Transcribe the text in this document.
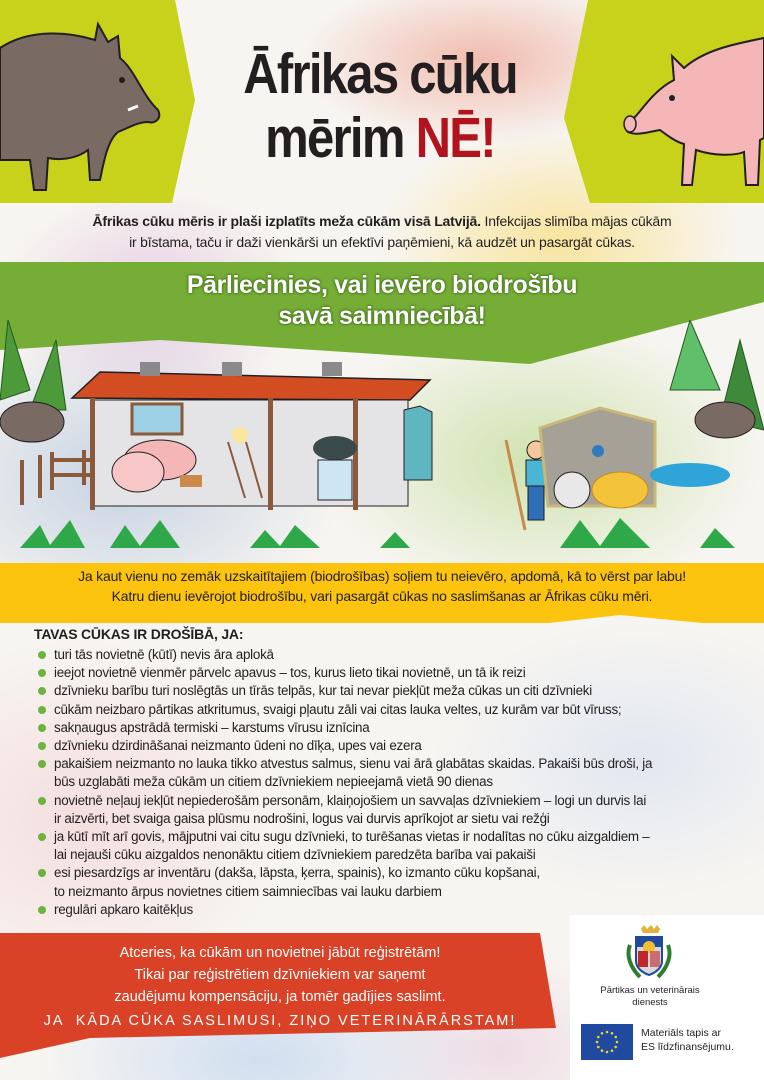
Āfrikas cūku
mērim NĒ!
Āfrikas cūku mēris ir plaši izplatīts meža cūkām visā Latvijā. Infekcijas slimība mājas cūkām
ir bīstama, taču ir daži vienkārši un efektīvi paņēmieni, kā audzēt un pasargāt cūkas.
Pārliecinies, vai ievēro biodrošību
savā saimniecībā!
Ja kaut vienu no zemāk uzskaitītajiem (biodrošības) soļiem tu neievēro, apdomā, kā to vērst par labu!
Katru dienu ievērojot biodrošību, vari pasargāt cūkas no saslimšanas ar Āfrikas cūku mēri.
TAVAS CŪKAS IR DROŠĪBĀ, JA:
turi tās novietnē (kūtī) nevis āra aplokā
ieejot novietnē vienmēr pārvelc apavus – tos, kurus lieto tikai novietnē, un tā ik reizi
dzīvnieku barību turi noslēgtās un tīrās telpās, kur tai nevar piekļūt meža cūkas un citi dzīvnieki
cūkām neizbaro pārtikas atkritumus, svaigi pļautu zāli vai citas lauka veltes, uz kurām var būt vīruss;
sakņaugus apstrādā termiski – karstums vīrusu iznīcina
dzīvnieku dzirdināšanai neizmanto ūdeni no dīķa, upes vai ezera
pakaišiem neizmanto no lauka tikko atvestus salmus, sienu vai ārā glabātas skaidas. Pakaiši būs droši, ja
būs uzglabāti meža cūkām un citiem dzīvniekiem nepieejamā vietā 90 dienas
novietnē neļauj iekļūt nepiederošām personām, klaiņojošiem un savvaļas dzīvniekiem – logi un durvis lai
ir aizvērti, bet svaiga gaisa plūsmu nodrošini, logus vai durvis aprīkojot ar sietu vai režģi
ja kūtī mīt arī govis, mājputni vai citu sugu dzīvnieki, to turēšanas vietas ir nodalītas no cūku aizgaldiem –
lai nejauši cūku aizgaldos nenonāktu citiem dzīvniekiem paredzēta barība vai pakaiši
esi piesardzīgs ar inventāru (dakša, lāpsta, ķerra, spainis), ko izmanto cūku kopšanai,
to neizmanto ārpus novietnes citiem saimniecības vai lauku darbiem
regulāri apkaro kaitēkļus
Atceries, ka cūkām un novietnei jābūt reģistrētām!
Tikai par reģistrētiem dzīvniekiem var saņemt
zaudējumu kompensāciju, ja tomēr gadījies saslimt.
JA  KĀDA CŪKA SASLIMUSI, ZIŅO VETERINĀRĀRSTAM!
Pārtikas un veterinārais
dienests
Materiāls tapis ar
ES līdzfinansējumu.
